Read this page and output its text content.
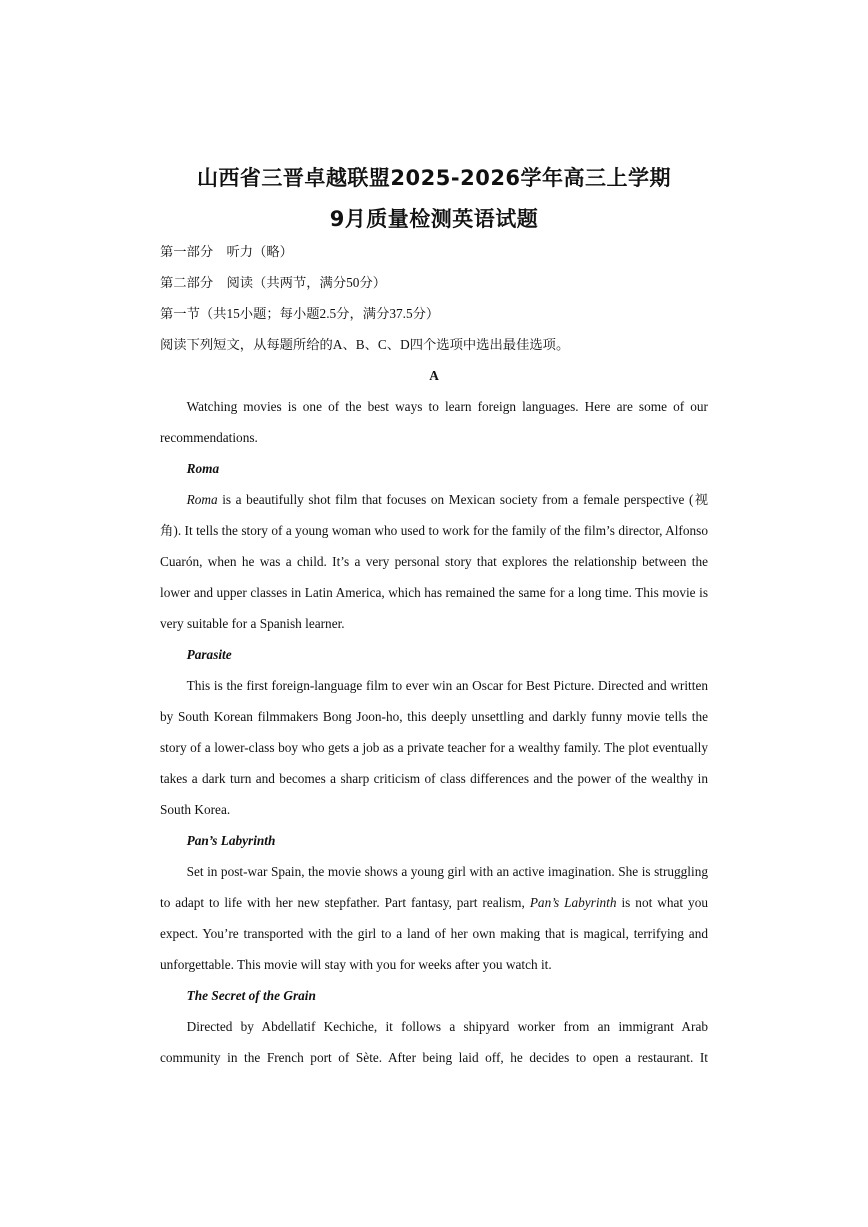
山西省三晋卓越联盟2025-2026学年高三上学期
9月质量检测英语试题

第一部分　听力（略）

第二部分　阅读（共两节，满分50分）

第一节（共15小题；每小题2.5分，满分37.5分）

阅读下列短文，从每题所给的A、B、C、D四个选项中选出最佳选项。

A

Watching movies is one of the best ways to learn foreign languages. Here are some of our recommendations.

Roma

Roma is a beautifully shot film that focuses on Mexican society from a female perspective (视角). It tells the story of a young woman who used to work for the family of the film’s director, Alfonso Cuarón, when he was a child. It’s a very personal story that explores the relationship between the lower and upper classes in Latin America, which has remained the same for a long time. This movie is very suitable for a Spanish learner.

Parasite

This is the first foreign-language film to ever win an Oscar for Best Picture. Directed and written by South Korean filmmakers Bong Joon-ho, this deeply unsettling and darkly funny movie tells the story of a lower-class boy who gets a job as a private teacher for a wealthy family. The plot eventually takes a dark turn and becomes a sharp criticism of class differences and the power of the wealthy in South Korea.

Pan’s Labyrinth

Set in post-war Spain, the movie shows a young girl with an active imagination. She is struggling to adapt to life with her new stepfather. Part fantasy, part realism, Pan’s Labyrinth is not what you expect. You’re transported with the girl to a land of her own making that is magical, terrifying and unforgettable. This movie will stay with you for weeks after you watch it.

The Secret of the Grain

Directed by Abdellatif Kechiche, it follows a shipyard worker from an immigrant Arab community in the French port of Sète. After being laid off, he decides to open a restaurant. It
